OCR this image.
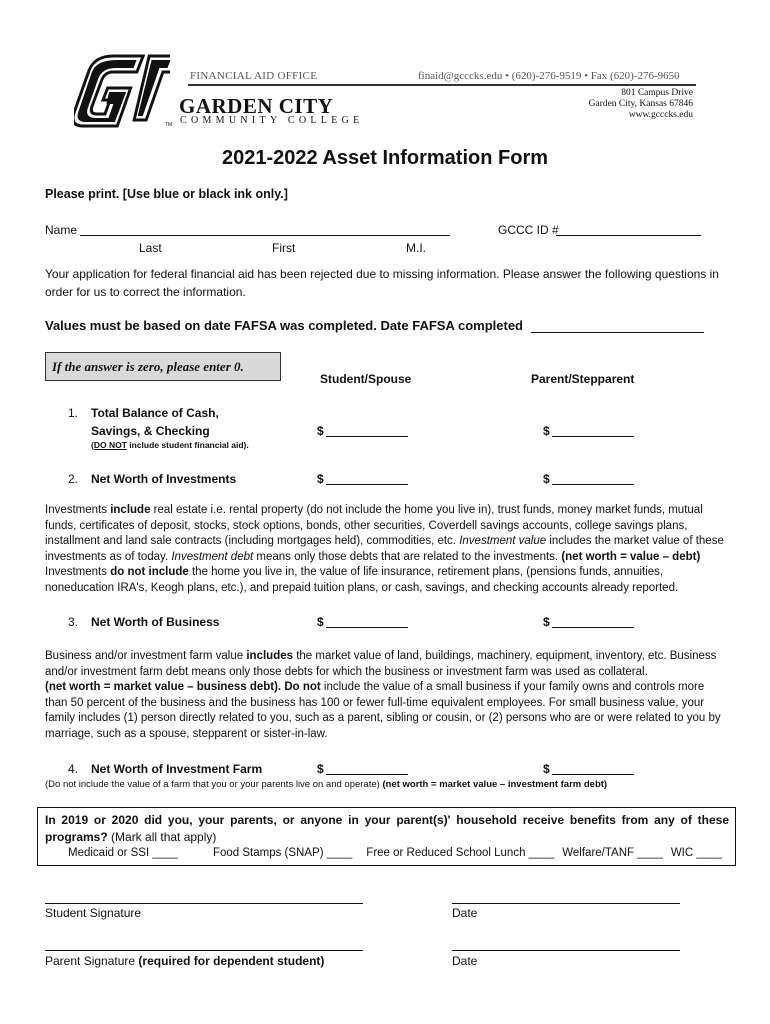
TM
FINANCIAL AID OFFICE	finaid@gcccks.edu • (620)-276-9519 • Fax (620)-276-9650
GARDEN CITY
COMMUNITY COLLEGE
801 Campus Drive
Garden City, Kansas 67846
www.gcccks.edu
2021-2022 Asset Information Form
Please print. [Use blue or black ink only.]
Name	GCCC ID #
Last	First	M.I.
Your application for federal financial aid has been rejected due to missing information. Please answer the following questions in order for us to correct the information.
Values must be based on date FAFSA was completed. Date FAFSA completed
If the answer is zero, please enter 0.
Student/Spouse	Parent/Stepparent
1. Total Balance of Cash,
Savings, & Checking
(DO NOT include student financial aid).
$	$
2. Net Worth of Investments	$	$
Investments include real estate i.e. rental property (do not include the home you live in), trust funds, money market funds, mutual funds, certificates of deposit, stocks, stock options, bonds, other securities, Coverdell savings accounts, college savings plans, installment and land sale contracts (including mortgages held), commodities, etc. Investment value includes the market value of these investments as of today. Investment debt means only those debts that are related to the investments. (net worth = value – debt) Investments do not include the home you live in, the value of life insurance, retirement plans, (pensions funds, annuities, noneducation IRA's, Keogh plans, etc.), and prepaid tuition plans, or cash, savings, and checking accounts already reported.
3. Net Worth of Business	$	$
Business and/or investment farm value includes the market value of land, buildings, machinery, equipment, inventory, etc. Business and/or investment farm debt means only those debts for which the business or investment farm was used as collateral.
(net worth = market value – business debt). Do not include the value of a small business if your family owns and controls more than 50 percent of the business and the business has 100 or fewer full-time equivalent employees. For small business value, your family includes (1) person directly related to you, such as a parent, sibling or cousin, or (2) persons who are or were related to you by marriage, such as a spouse, stepparent or sister-in-law.
4. Net Worth of Investment Farm	$	$
(Do not include the value of a farm that you or your parents live on and operate) (net worth = market value – investment farm debt)
In 2019 or 2020 did you, your parents, or anyone in your parent(s)' household receive benefits from any of these programs? (Mark all that apply)
Medicaid or SSI ____	Food Stamps (SNAP) ____ Free or Reduced School Lunch ____ Welfare/TANF ____ WIC ____
Student Signature	Date
Parent Signature (required for dependent student)	Date
